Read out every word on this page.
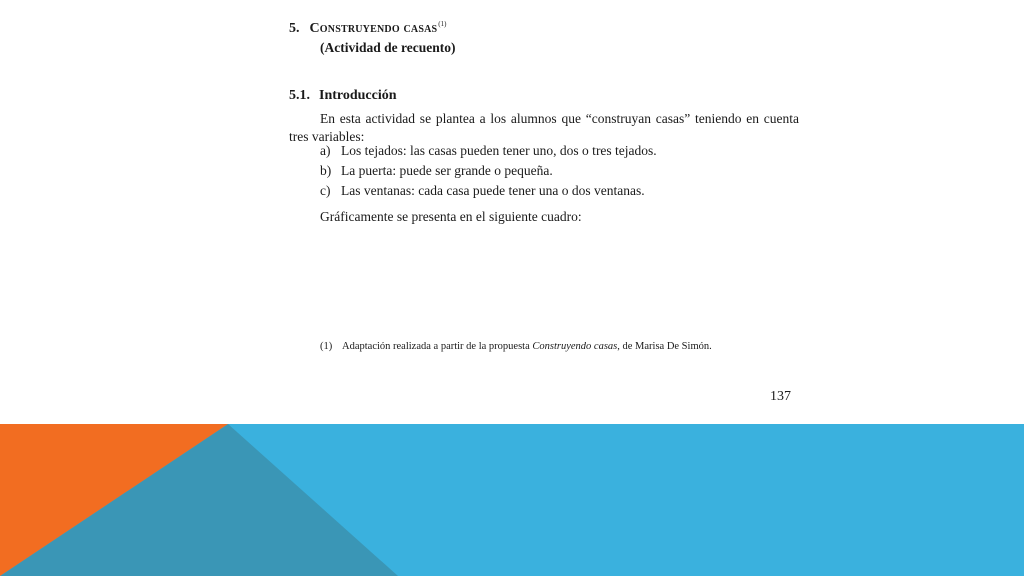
5. Construyendo casas$^{(1)}$
(Actividad de recuento)
5.1. Introducción

En esta actividad se plantea a los alumnos que “construyan casas” teniendo en cuenta tres variables:

a) Los tejados: las casas pueden tener uno, dos o tres tejados.
b) La puerta: puede ser grande o pequeña.
c) Las ventanas: cada casa puede tener una o dos ventanas.

Gráficamente se presenta en el siguiente cuadro:

(1) Adaptación realizada a partir de la propuesta Construyendo casas, de Marisa De Simón.
137
